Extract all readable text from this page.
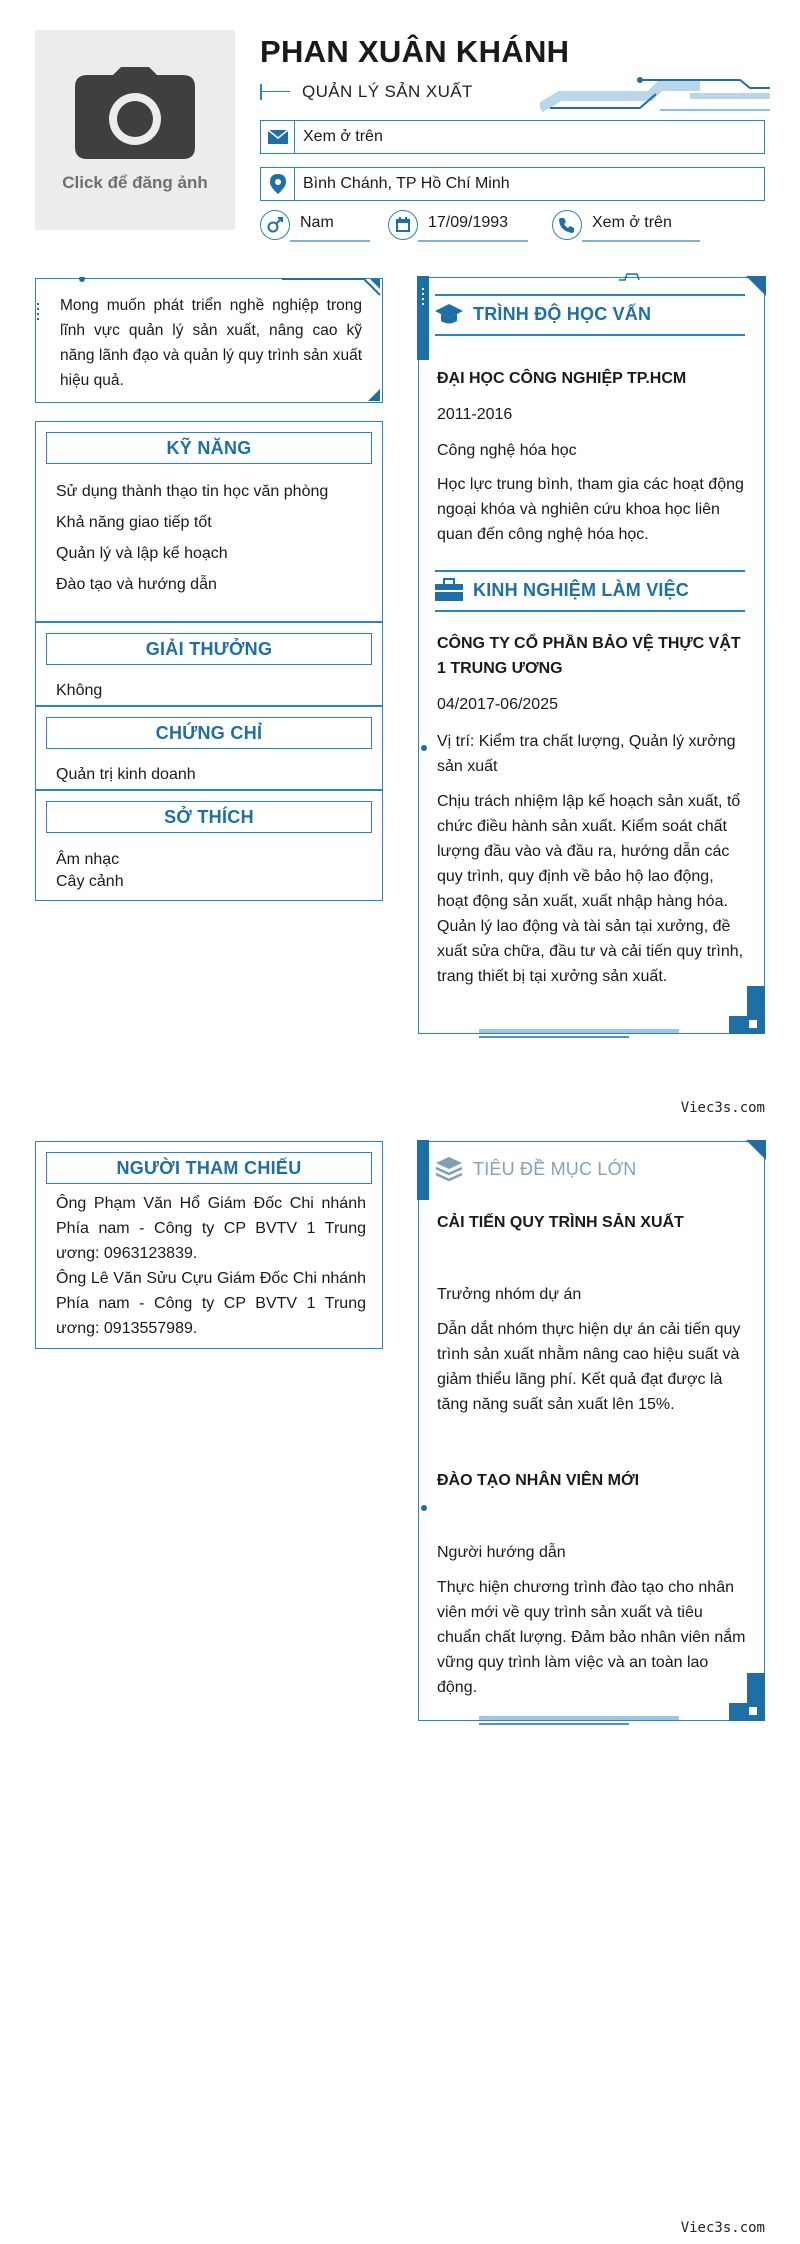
Click để đăng ảnh
PHAN XUÂN KHÁNH
QUẢN LÝ SẢN XUẤT
Xem ở trên
Bình Chánh, TP Hồ Chí Minh
Nam	17/09/1993	Xem ở trên
Mong muốn phát triển nghề nghiệp trong lĩnh vực quản lý sản xuất, nâng cao kỹ năng lãnh đạo và quản lý quy trình sản xuất hiệu quả.
KỸ NĂNG
Sử dụng thành thạo tin học văn phòng
Khả năng giao tiếp tốt
Quản lý và lập kế hoạch
Đào tạo và hướng dẫn
GIẢI THƯỞNG
Không
CHỨNG CHỈ
Quản trị kinh doanh
SỞ THÍCH
Âm nhạc
Cây cảnh
TRÌNH ĐỘ HỌC VẤN
ĐẠI HỌC CÔNG NGHIỆP TP.HCM
2011-2016
Công nghệ hóa học
Học lực trung bình, tham gia các hoạt động ngoại khóa và nghiên cứu khoa học liên quan đến công nghệ hóa học.
KINH NGHIỆM LÀM VIỆC
CÔNG TY CỔ PHẦN BẢO VỆ THỰC VẬT 1 TRUNG ƯƠNG
04/2017-06/2025
Vị trí: Kiểm tra chất lượng, Quản lý xưởng sản xuất
Chịu trách nhiệm lập kế hoạch sản xuất, tổ chức điều hành sản xuất. Kiểm soát chất lượng đầu vào và đầu ra, hướng dẫn các quy trình, quy định về bảo hộ lao động, hoạt động sản xuất, xuất nhập hàng hóa. Quản lý lao động và tài sản tại xưởng, đề xuất sửa chữa, đầu tư và cải tiến quy trình, trang thiết bị tại xưởng sản xuất.
Viec3s.com
NGƯỜI THAM CHIẾU
Ông Phạm Văn Hổ Giám Đốc Chi nhánh Phía nam - Công ty CP BVTV 1 Trung ương: 0963123839.
Ông Lê Văn Sửu Cựu Giám Đốc Chi nhánh Phía nam - Công ty CP BVTV 1 Trung ương: 0913557989.
TIÊU ĐỀ MỤC LỚN
CẢI TIẾN QUY TRÌNH SẢN XUẤT
Trưởng nhóm dự án
Dẫn dắt nhóm thực hiện dự án cải tiến quy trình sản xuất nhằm nâng cao hiệu suất và giảm thiểu lãng phí. Kết quả đạt được là tăng năng suất sản xuất lên 15%.
ĐÀO TẠO NHÂN VIÊN MỚI
Người hướng dẫn
Thực hiện chương trình đào tạo cho nhân viên mới về quy trình sản xuất và tiêu chuẩn chất lượng. Đảm bảo nhân viên nắm vững quy trình làm việc và an toàn lao động.
Viec3s.com
